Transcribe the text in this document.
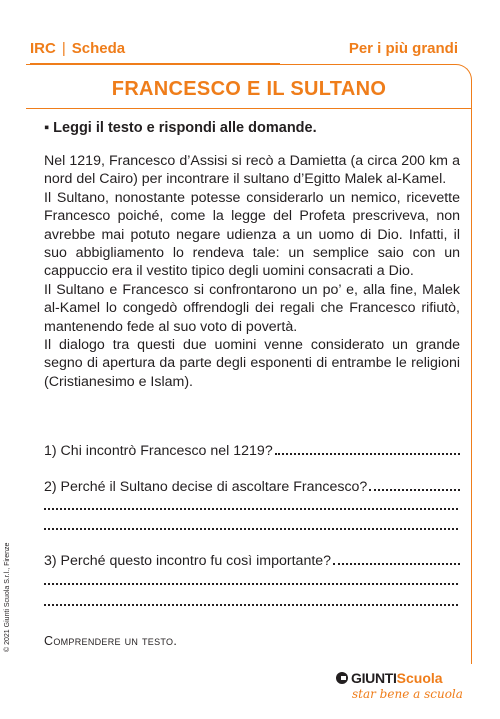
IRC | Scheda	Per i più grandi
FRANCESCO E IL SULTANO
▪ Leggi il testo e rispondi alle domande.

Nel 1219, Francesco d’Assisi si recò a Damietta (a circa 200 km a nord del Cairo) per incontrare il sultano d’Egitto Malek al-Kamel.

Il Sultano, nonostante potesse considerarlo un nemico, ricevette Francesco poiché, come la legge del Profeta prescriveva, non avrebbe mai potuto negare udienza a un uomo di Dio. Infatti, il suo abbigliamento lo rendeva tale: un semplice saio con un cappuccio era il vestito tipico degli uomini consacrati a Dio.

Il Sultano e Francesco si confrontarono un po’ e, alla fine, Malek al-Kamel lo congedò offrendogli dei regali che Francesco rifiutò, mantenendo fede al suo voto di povertà.

Il dialogo tra questi due uomini venne considerato un grande segno di apertura da parte degli esponenti di entrambe le religioni (Cristianesimo e Islam).

1) Chi incontrò Francesco nel 1219?
2) Perché il Sultano decise di ascoltare Francesco?
3) Perché questo incontro fu così importante?
Comprendere un testo.
© 2021 Giunti Scuola S.r.l., Firenze
GIUNTI Scuola
star bene a scuola
